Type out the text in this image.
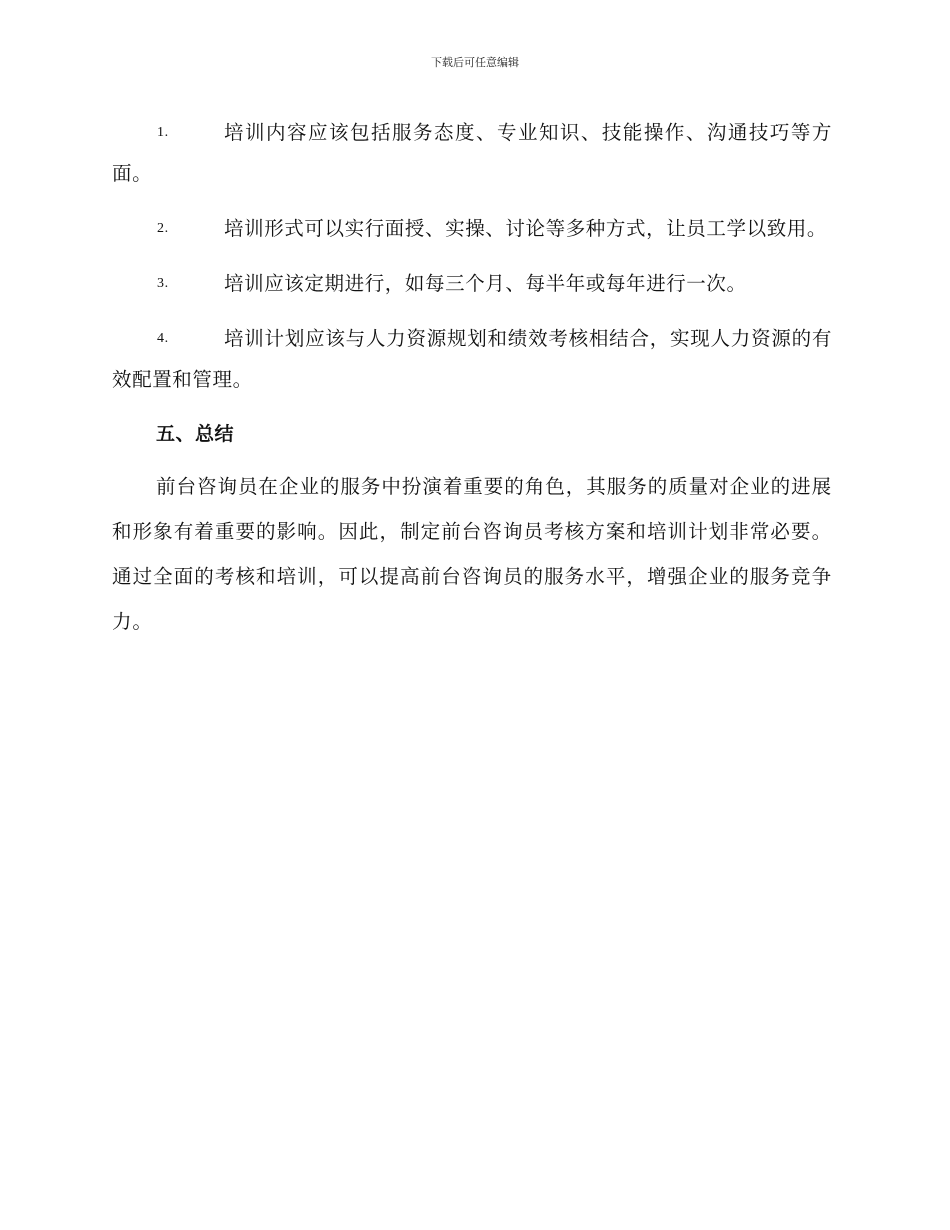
下载后可任意编辑
1.	培训内容应该包括服务态度、专业知识、技能操作、沟通技巧等方面。
2.	培训形式可以实行面授、实操、讨论等多种方式，让员工学以致用。
3.	培训应该定期进行，如每三个月、每半年或每年进行一次。
4.	培训计划应该与人力资源规划和绩效考核相结合，实现人力资源的有效配置和管理。
五、总结

前台咨询员在企业的服务中扮演着重要的角色，其服务的质量对企业的进展和形象有着重要的影响。因此，制定前台咨询员考核方案和培训计划非常必要。通过全面的考核和培训，可以提高前台咨询员的服务水平，增强企业的服务竞争力。
